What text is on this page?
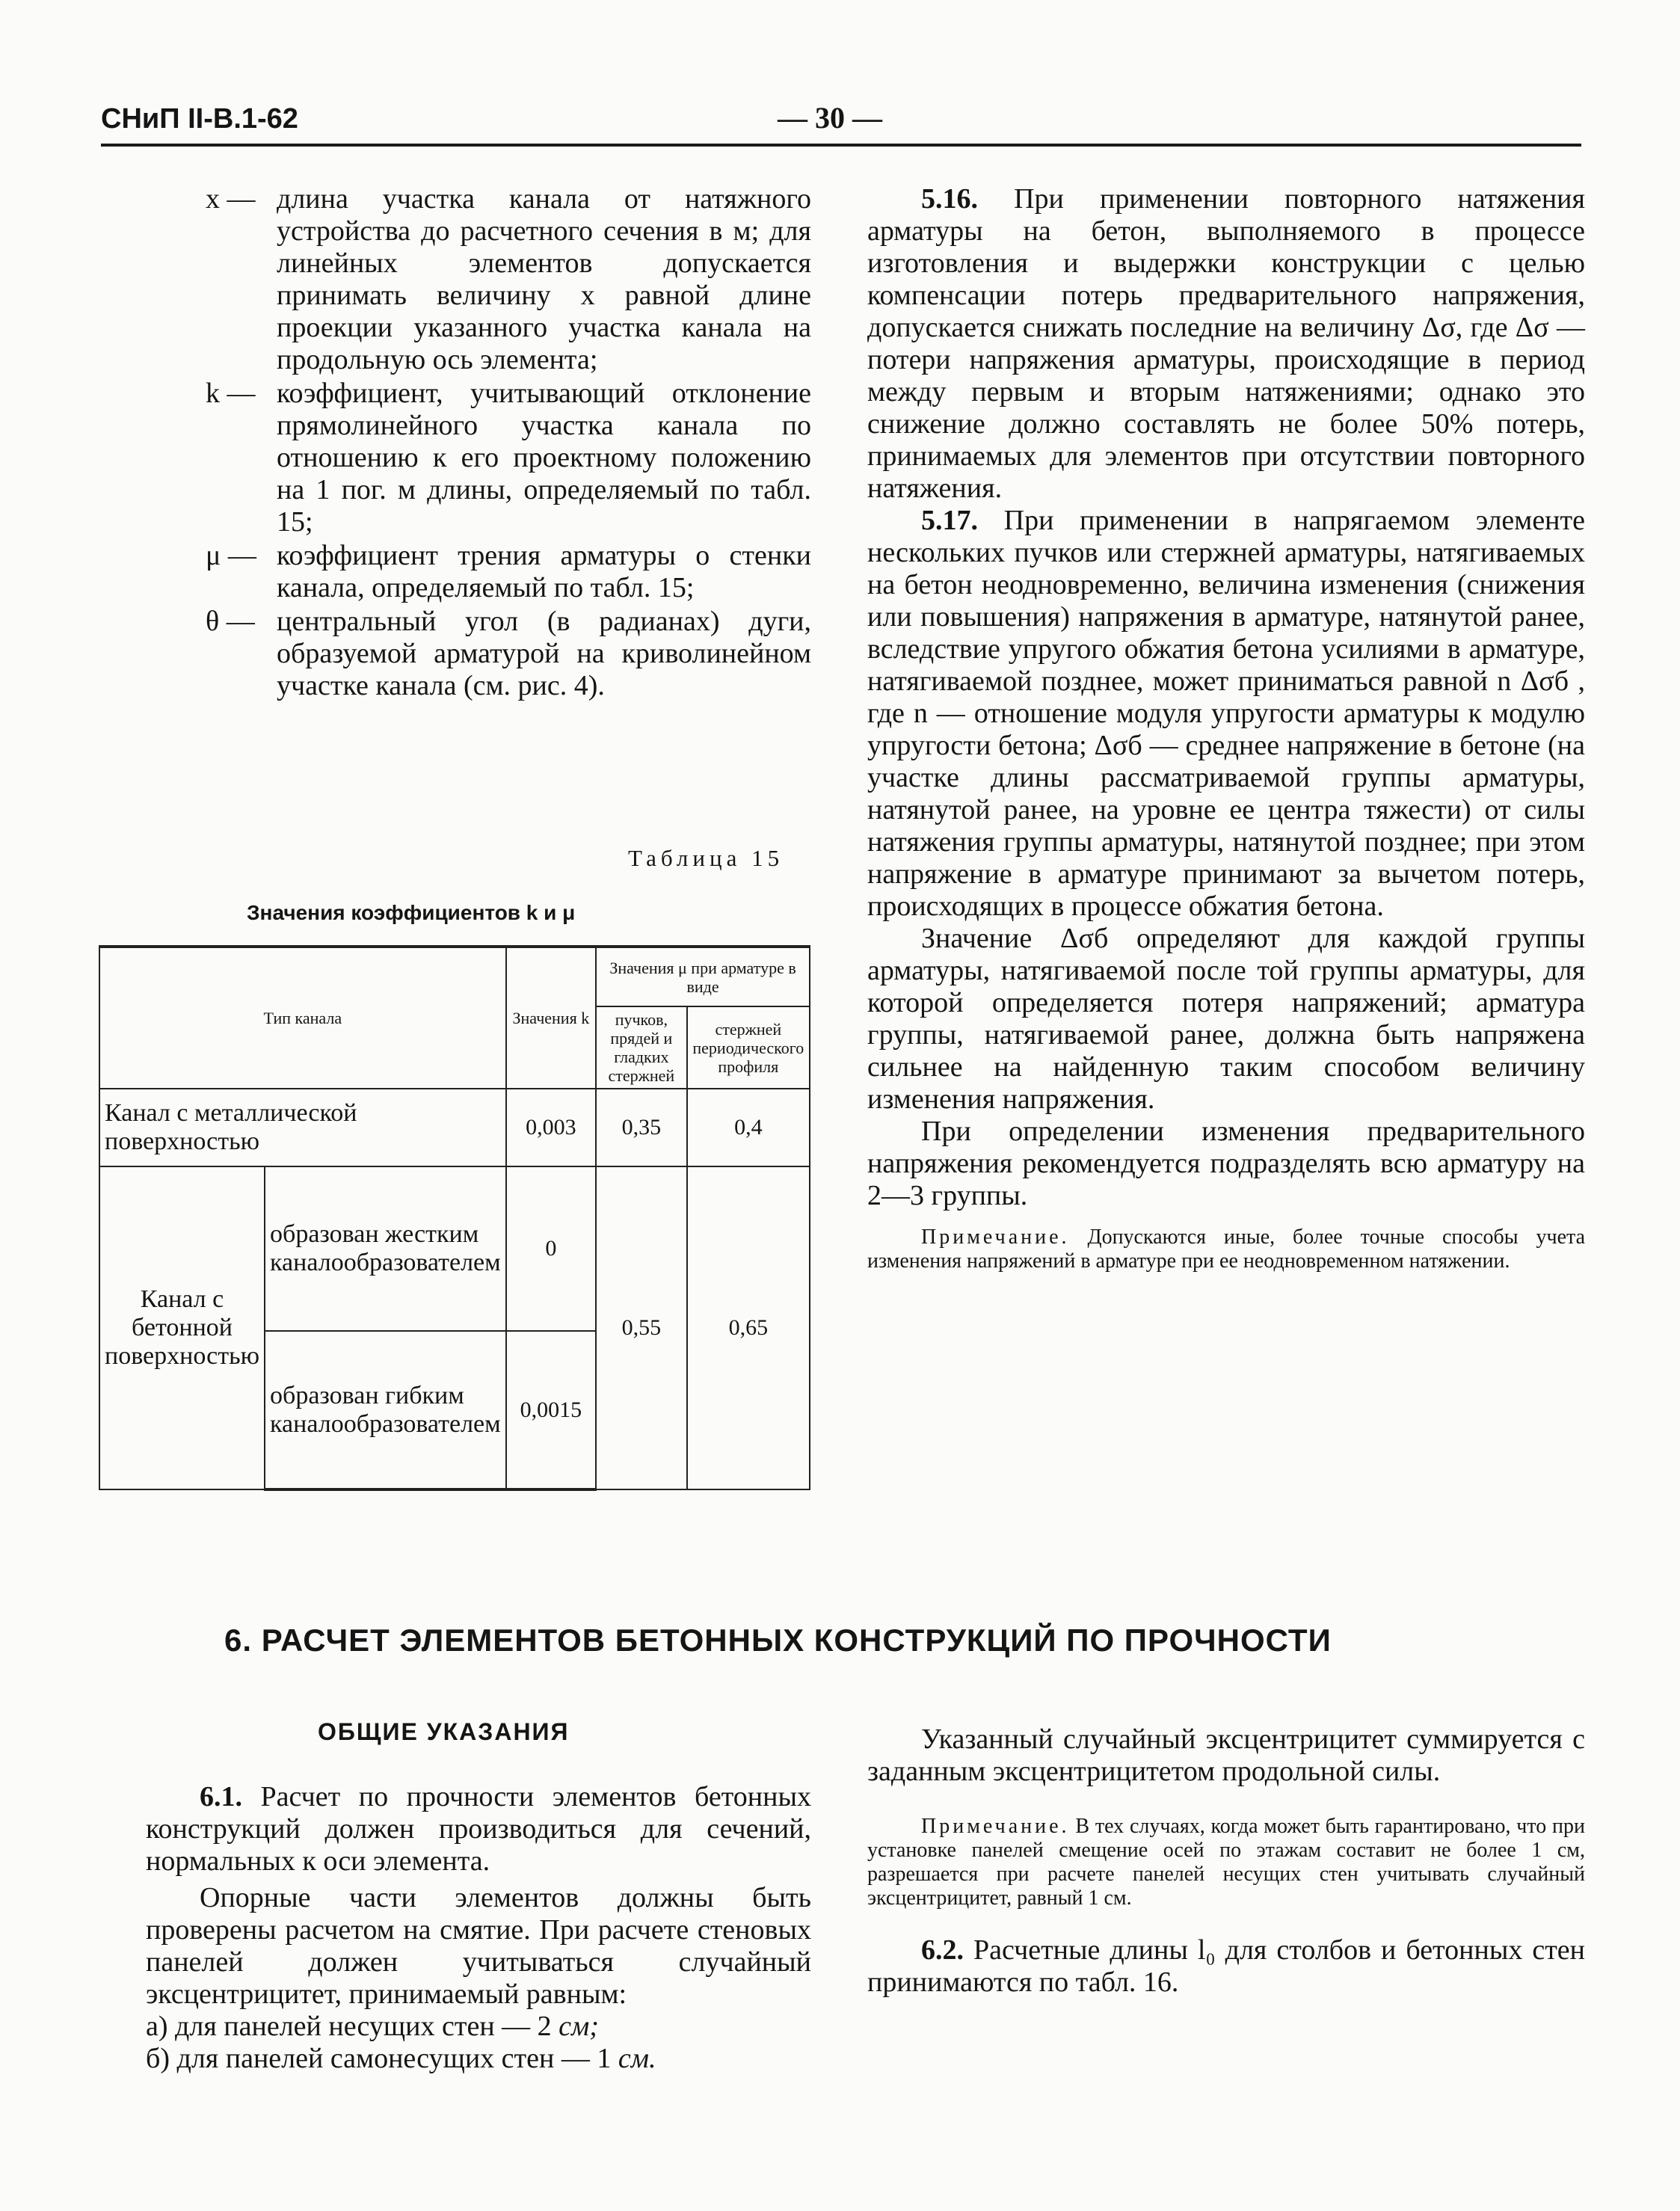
СНиП II-В.1-62	— 30 —
x — длина участка канала от натяжного устройства до расчетного сечения в м; для линейных элементов допускается принимать величину x равной длине проекции указанного участка канала на продольную ось элемента;
k — коэффициент, учитывающий отклонение прямолинейного участка канала по отношению к его проектному положению на 1 пог. м длины, определяемый по табл. 15;
μ — коэффициент трения арматуры о стенки канала, определяемый по табл. 15;
θ — центральный угол (в радианах) дуги, образуемой арматурой на криволинейном участке канала (см. рис. 4).
Таблица 15
Значения коэффициентов k и μ
Тип канала		Значения k	Значения μ при арматуре в виде	
			пучков, прядей и гладких стержней	стержней периодического профиля
Канал с металлической поверхностью		0,003	0,35	0,4
Канал с бетонной поверхностью	образован жестким каналообразователем	0	0,55	0,65
	образован гибким каналообразователем	0,0015		

5.16. При применении повторного натяжения арматуры на бетон, выполняемого в процессе изготовления и выдержки конструкции с целью компенсации потерь предварительного напряжения, допускается снижать последние на величину Δσ, где Δσ — потери напряжения арматуры, происходящие в период между первым и вторым натяжениями; однако это снижение должно составлять не более 50% потерь, принимаемых для элементов при отсутствии повторного натяжения.

5.17. При применении в напрягаемом элементе нескольких пучков или стержней арматуры, натягиваемых на бетон неодновременно, величина изменения (снижения или повышения) напряжения в арматуре, натянутой ранее, вследствие упругого обжатия бетона усилиями в арматуре, натягиваемой позднее, может приниматься равной n Δσб , где n — отношение модуля упругости арматуры к модулю упругости бетона; Δσб — среднее напряжение в бетоне (на участке длины рассматриваемой группы арматуры, натянутой ранее, на уровне ее центра тяжести) от силы натяжения группы арматуры, натянутой позднее; при этом напряжение в арматуре принимают за вычетом потерь, происходящих в процессе обжатия бетона.

Значение Δσб определяют для каждой группы арматуры, натягиваемой после той группы арматуры, для которой определяется потеря напряжений; арматура группы, натягиваемой ранее, должна быть напряжена сильнее на найденную таким способом величину изменения напряжения.

При определении изменения предварительного напряжения рекомендуется подразделять всю арматуру на 2—3 группы.

Примечание. Допускаются иные, более точные способы учета изменения напряжений в арматуре при ее неодновременном натяжении.

6. РАСЧЕТ ЭЛЕМЕНТОВ БЕТОННЫХ КОНСТРУКЦИЙ ПО ПРОЧНОСТИ
ОБЩИЕ УКАЗАНИЯ

6.1. Расчет по прочности элементов бетонных конструкций должен производиться для сечений, нормальных к оси элемента.

Опорные части элементов должны быть проверены расчетом на смятие. При расчете стеновых панелей должен учитываться случайный эксцентрицитет, принимаемый равным:

а) для панелей несущих стен — 2 см;
б) для панелей самонесущих стен — 1 см.

Указанный случайный эксцентрицитет суммируется с заданным эксцентрицитетом продольной силы.

Примечание. В тех случаях, когда может быть гарантировано, что при установке панелей смещение осей по этажам составит не более 1 см, разрешается при расчете панелей несущих стен учитывать случайный эксцентрицитет, равный 1 см.

6.2. Расчетные длины l₀ для столбов и бетонных стен принимаются по табл. 16.
